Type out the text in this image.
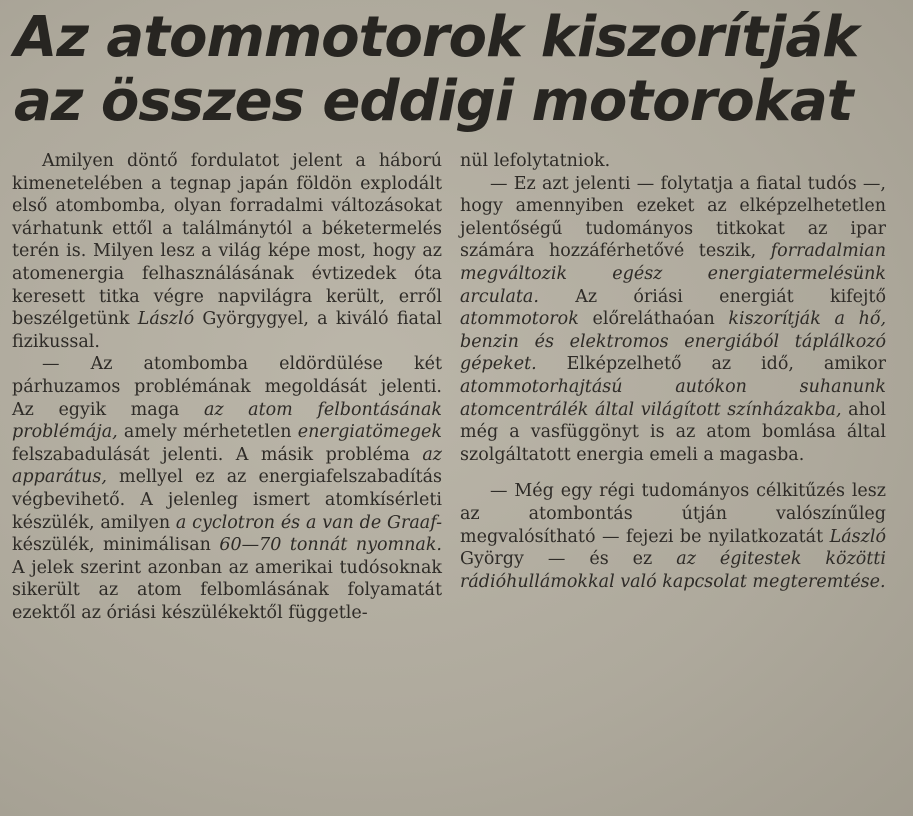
Az atommotorok kiszorítják
az összes eddigi motorokat

Amilyen döntő fordulatot jelent a háború kimenetelében a tegnap japán földön explodált első atombomba, olyan forradalmi változásokat várhatunk ettől a találmánytól a béketermelés terén is. Milyen lesz a világ képe most, hogy az atomenergia felhasználásának évtizedek óta keresett titka végre napvilágra került, erről beszélgetünk László Györgygyel, a kiváló fiatal fizikussal.

— Az atombomba eldördülése két párhuzamos problémának megoldását jelenti. Az egyik maga az atom felbontásának problémája, amely mérhetetlen energiatömegek felszabadulását jelenti. A másik probléma az apparátus, mellyel ez az energiafelszabadítás végbevihető. A jelenleg ismert atomkísérleti készülék, amilyen a cyclotron és a van de Graaf-készülék, minimálisan 60—70 tonnát nyomnak. A jelek szerint azonban az amerikai tudósoknak sikerült az atom felbomlásának folyamatát ezektől az óriási készülékektől függetle-

nül lefolytatniok.

— Ez azt jelenti — folytatja a fiatal tudós —, hogy amennyiben ezeket az elképzelhetetlen jelentőségű tudományos titkokat az ipar számára hozzáférhetővé teszik, forradalmian megváltozik egész energiatermelésünk arculata. Az óriási energiát kifejtő atommotorok előreláthaóan kiszorítják a hő, benzin és elektromos energiából táplálkozó gépeket. Elképzelhető az idő, amikor atommotorhajtású autókon suhanunk atomcentrálék által világított színházakba, ahol még a vasfüggönyt is az atom bomlása által szolgáltatott energia emeli a magasba.

— Még egy régi tudományos célkitűzés lesz az atombontás útján valószínűleg megvalósítható — fejezi be nyilatkozatát László György — és ez az égitestek közötti rádióhullámokkal való kapcsolat megteremtése.
